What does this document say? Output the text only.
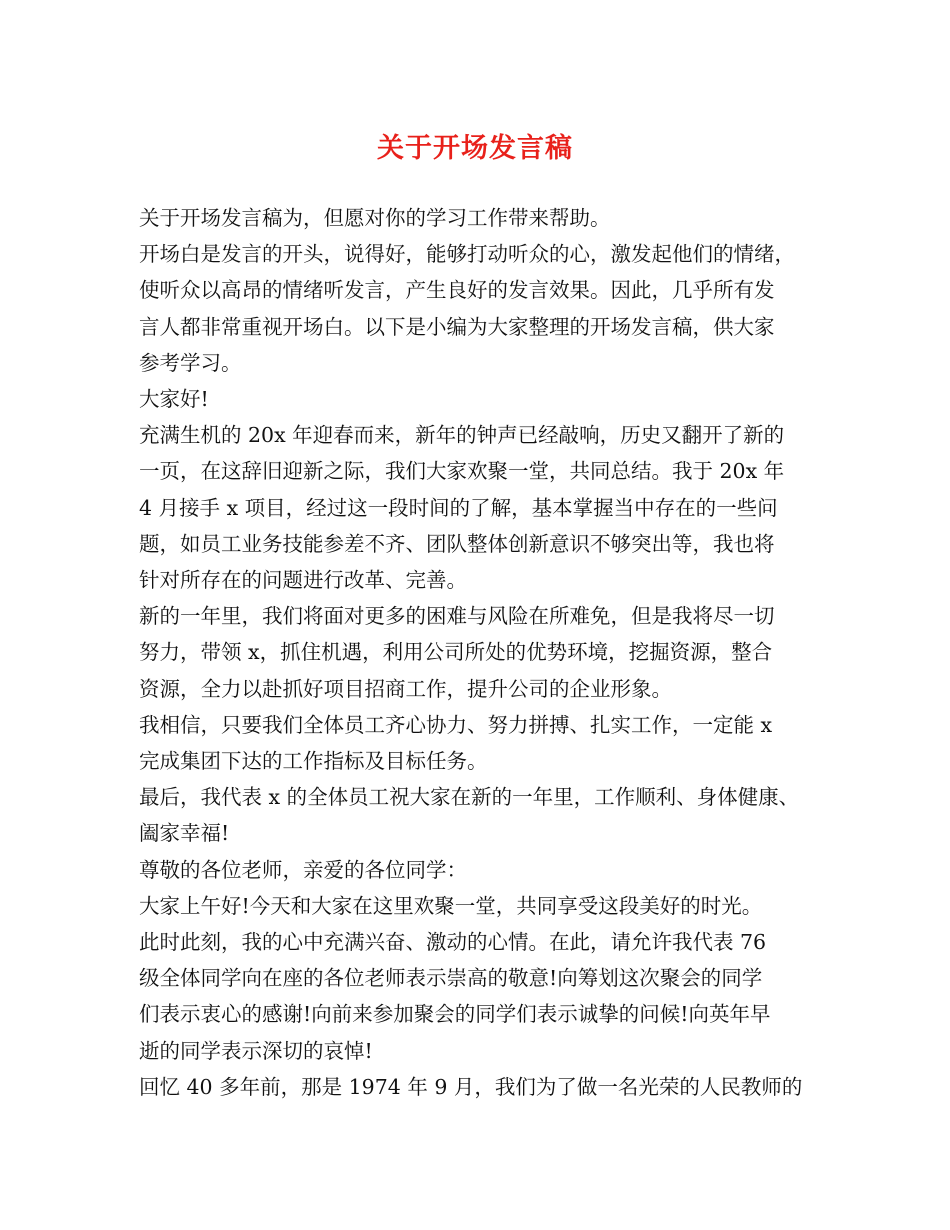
关于开场发言稿
关于开场发言稿为，但愿对你的学习工作带来帮助。
开场白是发言的开头，说得好，能够打动听众的心，激发起他们的情绪，
使听众以高昂的情绪听发言，产生良好的发言效果。因此，几乎所有发
言人都非常重视开场白。以下是小编为大家整理的开场发言稿，供大家
参考学习。
大家好!
充满生机的 20x 年迎春而来，新年的钟声已经敲响，历史又翻开了新的
一页，在这辞旧迎新之际，我们大家欢聚一堂，共同总结。我于 20x 年
4 月接手 x 项目，经过这一段时间的了解，基本掌握当中存在的一些问
题，如员工业务技能参差不齐、团队整体创新意识不够突出等，我也将
针对所存在的问题进行改革、完善。
新的一年里，我们将面对更多的困难与风险在所难免，但是我将尽一切
努力，带领 x，抓住机遇，利用公司所处的优势环境，挖掘资源，整合
资源，全力以赴抓好项目招商工作，提升公司的企业形象。
我相信，只要我们全体员工齐心协力、努力拼搏、扎实工作，一定能 x
完成集团下达的工作指标及目标任务。
最后，我代表 x 的全体员工祝大家在新的一年里，工作顺利、身体健康、
阖家幸福!
尊敬的各位老师，亲爱的各位同学：
大家上午好!今天和大家在这里欢聚一堂，共同享受这段美好的时光。
此时此刻，我的心中充满兴奋、激动的心情。在此，请允许我代表 76
级全体同学向在座的各位老师表示崇高的敬意!向筹划这次聚会的同学
们表示衷心的感谢!向前来参加聚会的同学们表示诚挚的问候!向英年早
逝的同学表示深切的哀悼!
回忆 40 多年前，那是 1974 年 9 月，我们为了做一名光荣的人民教师的
